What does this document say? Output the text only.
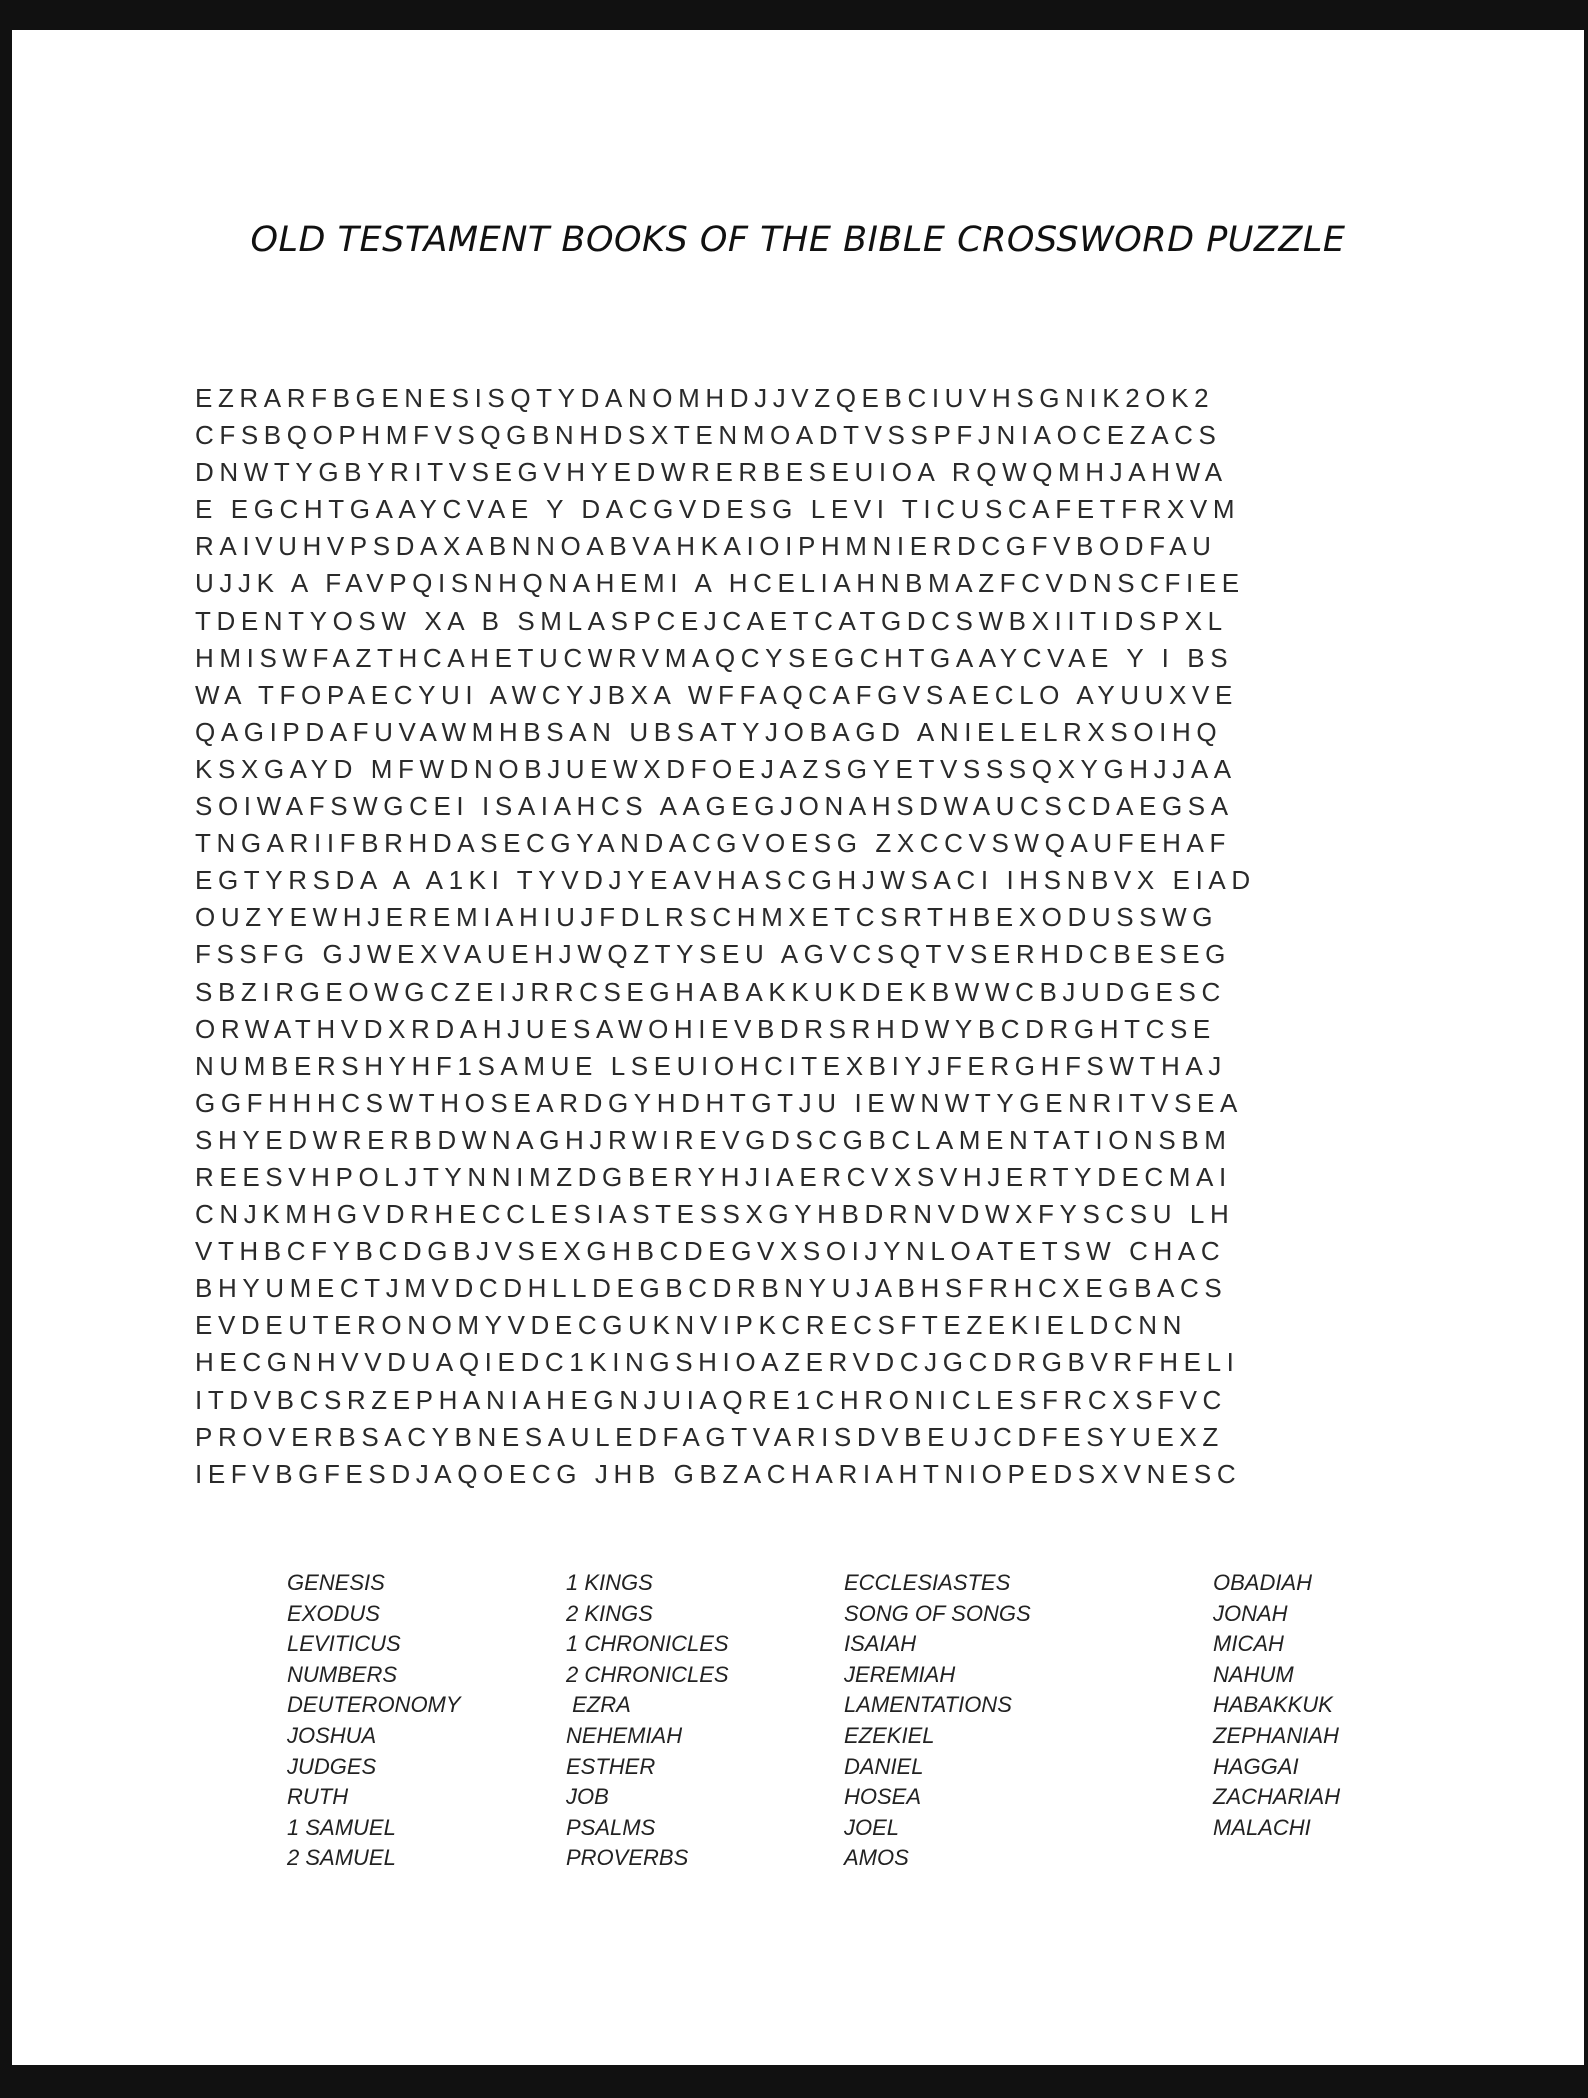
OLD TESTAMENT BOOKS OF THE BIBLE CROSSWORD PUZZLE
EZRARFBGENESISQTYDANOMHDJJVZQEBCIUVHSGNIK2OK2
CFSBQOPHMFVSQGBNHDSXTENMOADTVSSPFJNIAOCEZACS
DNWTYGBYRITVSEGVHYEDWRERBESEUIOA RQWQMHJAHWA
E EGCHTGAAYCVAE Y DACGVDESG LEVI TICUSCAFETFRXVM
RAIVUHVPSDAXABNNOABVAHKAIOIPHMNIERDCGFVBODFAU
UJJK A FAVPQISNHQNAHEMI A HCELIAHNBMAZFCVDNSCFIEE
TDENTYOSW XA B SMLASPCEJCAETCATGDCSWBXIITIDSPXL
HMISWFAZTHCAHETUCWRVMAQCYSEGCHTGAAYCVAE Y I BS
WA TFOPAECYUI AWCYJBXA WFFAQCAFGVSAECLO AYUUXVE
QAGIPDAFUVAWMHBSAN UBSATYJOBAGD ANIELELRXSOIHQ
KSXGAYD MFWDNOBJUEWXDFOEJAZSGYETVSSSQXYGHJJAA
SOIWAFSWGCEI ISAIAHCS AAGEGJONAHSDWAUCSCDAEGSA
TNGARIIFBRHDASECGYANDACGVOESG ZXCCVSWQAUFEHAF
EGTYRSDA A A1KI TYVDJYEAVHASCGHJWSACI IHSNBVX EIAD
OUZYEWHJEREMIAHIUJFDLRSCHMXETCSRTHBEXODUSSWG
FSSFG GJWEXVAUEHJWQZTYSEU AGVCSQTVSERHDCBESEG
SBZIRGEOWGCZEIJRRCSEGHABAKKUKDEKBWWCBJUDGESC
ORWATHVDXRDAHJUESAWOHIEVBDRSRHDWYBCDRGHTCSE
NUMBERSHYHF1SAMUE LSEUIOHCITEXBIYJFERGHFSWTHAJ
GGFHHHCSWTHOSEARDGYHDHTGTJU IEWNWTYGENRITVSEA
SHYEDWRERBDWNAGHJRWIREVGDSCGBCLAMENTATIONSBM
REESVHPOLJTYNNIMZDGBERYHJIAERCVXSVHJERTYDECMAI
CNJKMHGVDRHECCLESIASTESSXGYHBDRNVDWXFYSCSU LH
VTHBCFYBCDGBJVSEXGHBCDEGVXSOIJYNLOATETSW CHAC
BHYUMECTJMVDCDHLLDEGBCDRBNYUJABHSFRHCXEGBACS
EVDEUTERONOMYVDECGUKNVIPKCRECSFTEZEKIELDCNN
HECGNHVVDUAQIEDC1KINGSHIOAZERVDCJGCDRGBVRFHELI
ITDVBCSRZEPHANIAHEGNJUIAQRE1CHRONICLESFRCXSFVC
PROVERBSACYBNESAULEDFAGTVARISDVBEUJCDFESYUEXZ
IEFVBGFESDJAQOECG JHB GBZACHARIAHTNIOPEDSXVNESC
GENESIS
EXODUS
LEVITICUS
NUMBERS
DEUTERONOMY
JOSHUA
JUDGES
RUTH
1 SAMUEL
2 SAMUEL
1 KINGS
2 KINGS
1 CHRONICLES
2 CHRONICLES
EZRA
NEHEMIAH
ESTHER
JOB
PSALMS
PROVERBS
ECCLESIASTES
SONG OF SONGS
ISAIAH
JEREMIAH
LAMENTATIONS
EZEKIEL
DANIEL
HOSEA
JOEL
AMOS
OBADIAH
JONAH
MICAH
NAHUM
HABAKKUK
ZEPHANIAH
HAGGAI
ZACHARIAH
MALACHI
